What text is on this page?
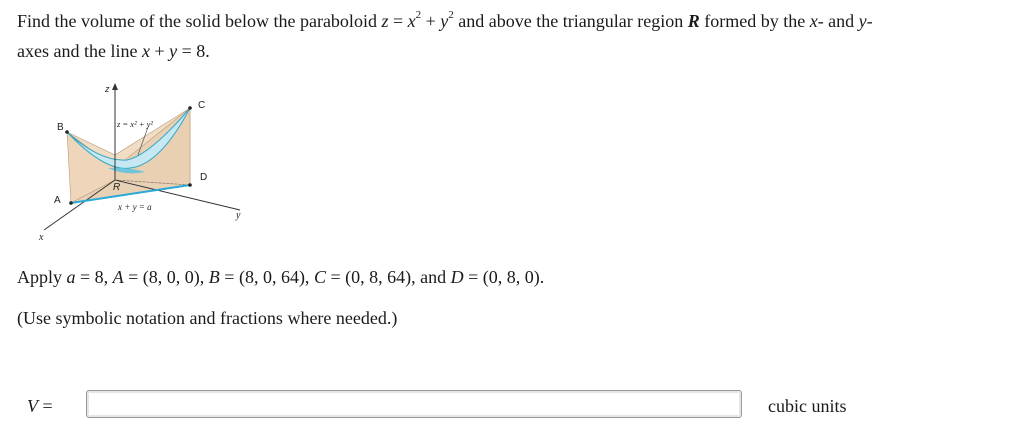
Find the volume of the solid below the paraboloid $z = x^2 + y^2$ and above the triangular region R formed by the x- and y-
axes and the line x + y = 8.
z
B
C
A
D
R
x
y
z = x² + y²
x + y = a
Apply a = 8, A = (8, 0, 0), B = (8, 0, 64), C = (0, 8, 64), and D = (0, 8, 0).
(Use symbolic notation and fractions where needed.)
V =	cubic units
